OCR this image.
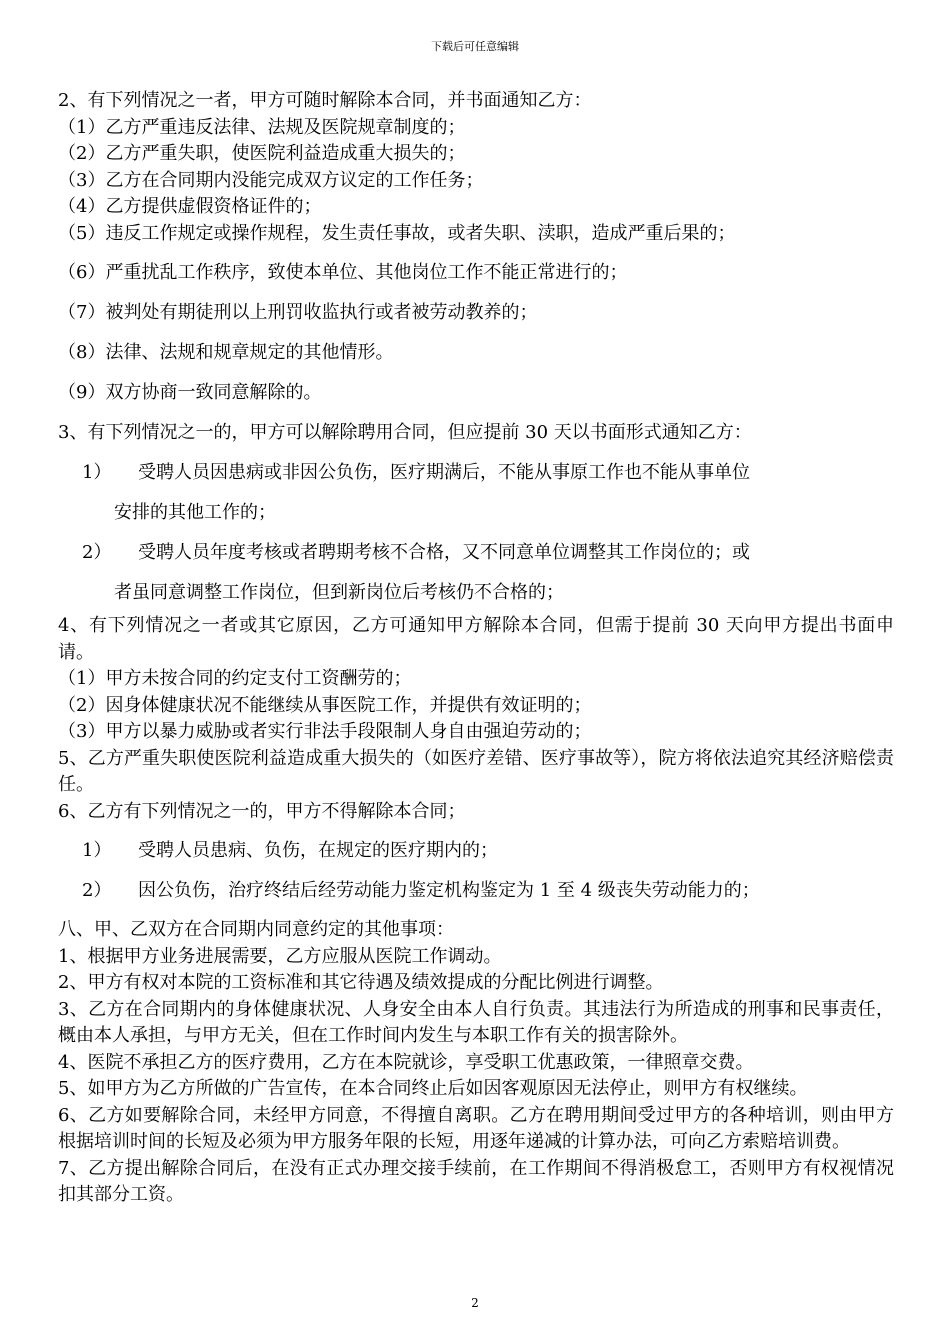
下载后可任意编辑

2、有下列情况之一者，甲方可随时解除本合同，并书面通知乙方：

（1）乙方严重违反法律、法规及医院规章制度的；

（2）乙方严重失职，使医院利益造成重大损失的；

（3）乙方在合同期内没能完成双方议定的工作任务；

（4）乙方提供虚假资格证件的；

（5）违反工作规定或操作规程，发生责任事故，或者失职、渎职，造成严重后果的；

（6）严重扰乱工作秩序，致使本单位、其他岗位工作不能正常进行的；

（7）被判处有期徒刑以上刑罚收监执行或者被劳动教养的；

（8）法律、法规和规章规定的其他情形。

（9）双方协商一致同意解除的。

3、有下列情况之一的，甲方可以解除聘用合同，但应提前 30 天以书面形式通知乙方：

1）	受聘人员因患病或非因公负伤，医疗期满后，不能从事原工作也不能从事单位

安排的其他工作的；

2）	受聘人员年度考核或者聘期考核不合格，又不同意单位调整其工作岗位的；或

者虽同意调整工作岗位，但到新岗位后考核仍不合格的；

4、有下列情况之一者或其它原因，乙方可通知甲方解除本合同，但需于提前 30 天向甲方提出书面申请。

（1）甲方未按合同的约定支付工资酬劳的；

（2）因身体健康状况不能继续从事医院工作，并提供有效证明的；

（3）甲方以暴力威胁或者实行非法手段限制人身自由强迫劳动的；

5、乙方严重失职使医院利益造成重大损失的（如医疗差错、医疗事故等），院方将依法追究其经济赔偿责任。

6、乙方有下列情况之一的，甲方不得解除本合同；

1）	受聘人员患病、负伤，在规定的医疗期内的；
2）	因公负伤，治疗终结后经劳动能力鉴定机构鉴定为 1 至 4 级丧失劳动能力的；

八、甲、乙双方在合同期内同意约定的其他事项：

1、根据甲方业务进展需要，乙方应服从医院工作调动。

2、甲方有权对本院的工资标准和其它待遇及绩效提成的分配比例进行调整。

3、乙方在合同期内的身体健康状况、人身安全由本人自行负责。其违法行为所造成的刑事和民事责任，概由本人承担，与甲方无关，但在工作时间内发生与本职工作有关的损害除外。

4、医院不承担乙方的医疗费用，乙方在本院就诊，享受职工优惠政策，一律照章交费。

5、如甲方为乙方所做的广告宣传，在本合同终止后如因客观原因无法停止，则甲方有权继续。

6、乙方如要解除合同，未经甲方同意，不得擅自离职。乙方在聘用期间受过甲方的各种培训，则由甲方根据培训时间的长短及必须为甲方服务年限的长短，用逐年递减的计算办法，可向乙方索赔培训费。

7、乙方提出解除合同后，在没有正式办理交接手续前，在工作期间不得消极怠工，否则甲方有权视情况扣其部分工资。

2
